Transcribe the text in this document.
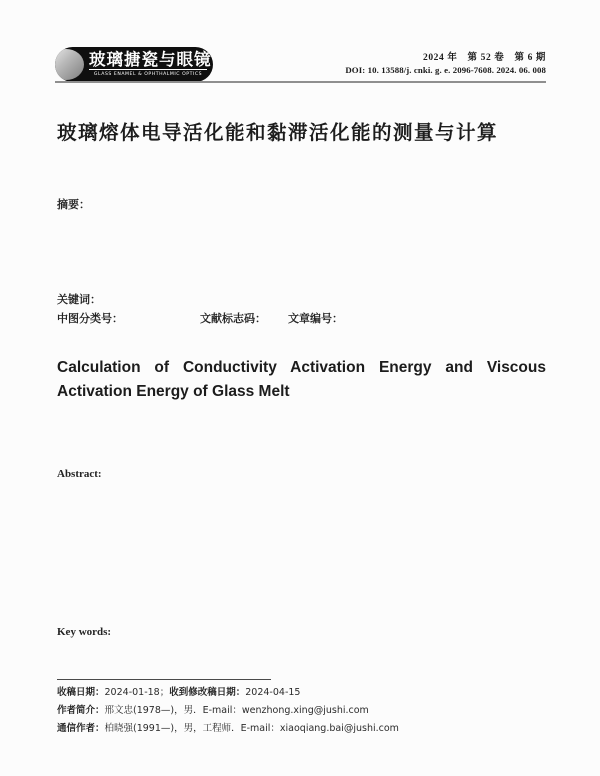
玻璃搪瓷与眼镜
GLASS ENAMEL & OPHTHALMIC OPTICS
2024 年　第 52 卷　第 6 期
DOI: 10. 13588/j. cnki. g. e. 2096-7608. 2024. 06. 008
玻璃熔体电导活化能和黏滞活化能的测量与计算
摘要：
关键词：
中图分类号：	文献标志码： 文章编号：
Calculation of Conductivity Activation Energy and Viscous
Activation Energy of Glass Melt
Abstract:
Key words:
收稿日期：2024-01-18；收到修改稿日期：2024-04-15
作者简介：邢文忠(1978—)，男．E-mail：wenzhong.xing@jushi.com
通信作者：柏晓强(1991—)，男，工程师．E-mail：xiaoqiang.bai@jushi.com
